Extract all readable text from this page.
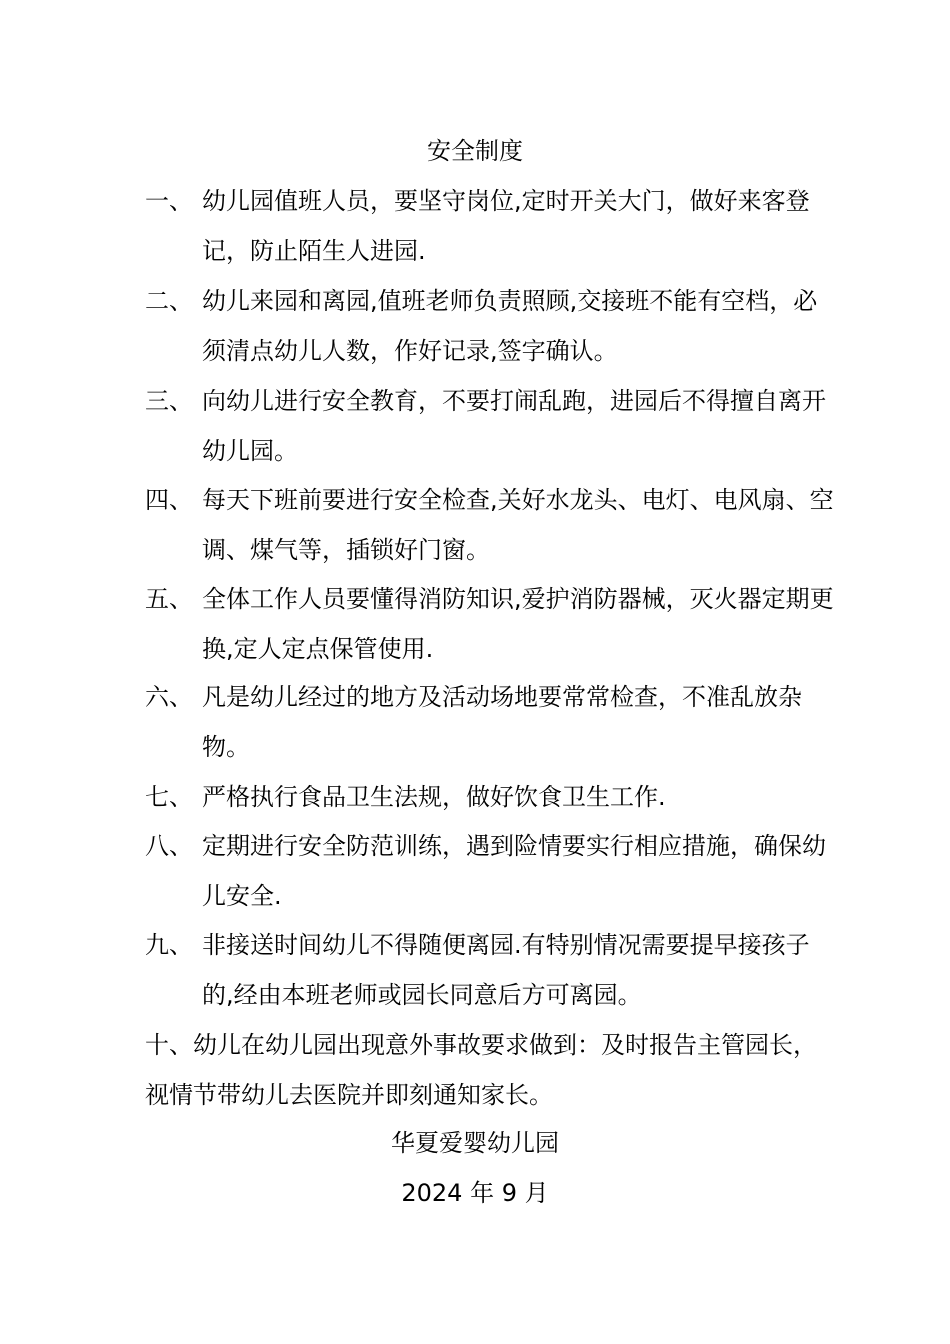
安全制度
一、 幼儿园值班人员，要坚守岗位,定时开关大门，做好来客登记，防止陌生人进园.
二、 幼儿来园和离园,值班老师负责照顾,交接班不能有空档，必须清点幼儿人数，作好记录,签字确认。
三、 向幼儿进行安全教育，不要打闹乱跑，进园后不得擅自离开幼儿园。
四、 每天下班前要进行安全检查,关好水龙头、电灯、电风扇、空调、煤气等，插锁好门窗。
五、 全体工作人员要懂得消防知识,爱护消防器械，灭火器定期更换,定人定点保管使用.
六、 凡是幼儿经过的地方及活动场地要常常检查，不准乱放杂物。
七、 严格执行食品卫生法规，做好饮食卫生工作.
八、 定期进行安全防范训练，遇到险情要实行相应措施，确保幼儿安全.
九、 非接送时间幼儿不得随便离园.有特别情况需要提早接孩子的,经由本班老师或园长同意后方可离园。
十、幼儿在幼儿园出现意外事故要求做到：及时报告主管园长，视情节带幼儿去医院并即刻通知家长。
华夏爱婴幼儿园
2024 年 9 月
